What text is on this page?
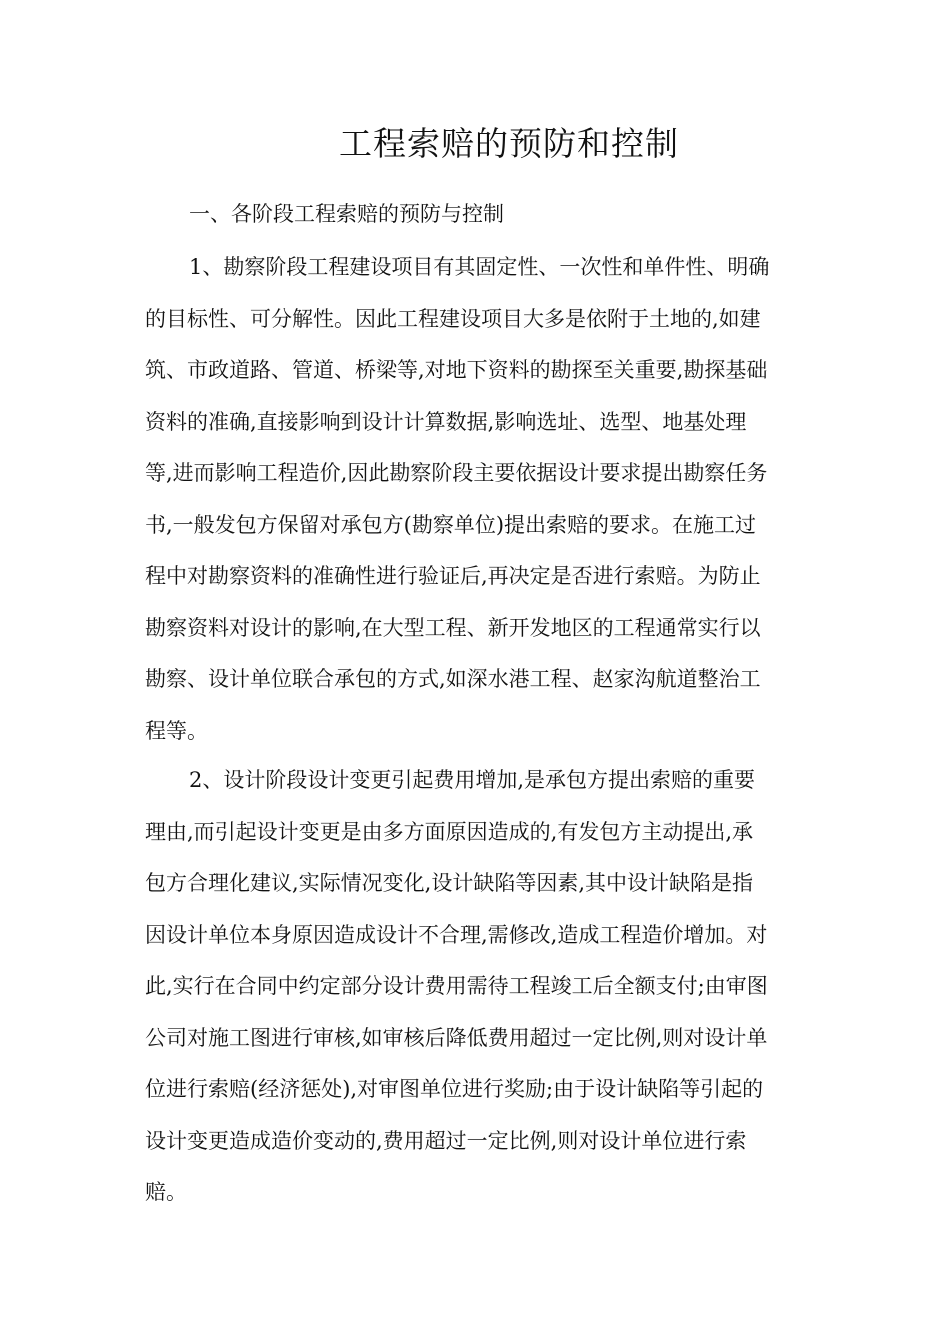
工程索赔的预防和控制
一、各阶段工程索赔的预防与控制
1、勘察阶段工程建设项目有其固定性、一次性和单件性、明确
的目标性、可分解性。因此工程建设项目大多是依附于土地的,如建
筑、市政道路、管道、桥梁等,对地下资料的勘探至关重要,勘探基础
资料的准确,直接影响到设计计算数据,影响选址、选型、地基处理
等,进而影响工程造价,因此勘察阶段主要依据设计要求提出勘察任务
书,一般发包方保留对承包方(勘察单位)提出索赔的要求。在施工过
程中对勘察资料的准确性进行验证后,再决定是否进行索赔。为防止
勘察资料对设计的影响,在大型工程、新开发地区的工程通常实行以
勘察、设计单位联合承包的方式,如深水港工程、赵家沟航道整治工
程等。
2、设计阶段设计变更引起费用增加,是承包方提出索赔的重要
理由,而引起设计变更是由多方面原因造成的,有发包方主动提出,承
包方合理化建议,实际情况变化,设计缺陷等因素,其中设计缺陷是指
因设计单位本身原因造成设计不合理,需修改,造成工程造价增加。对
此,实行在合同中约定部分设计费用需待工程竣工后全额支付;由审图
公司对施工图进行审核,如审核后降低费用超过一定比例,则对设计单
位进行索赔(经济惩处),对审图单位进行奖励;由于设计缺陷等引起的
设计变更造成造价变动的,费用超过一定比例,则对设计单位进行索
赔。
